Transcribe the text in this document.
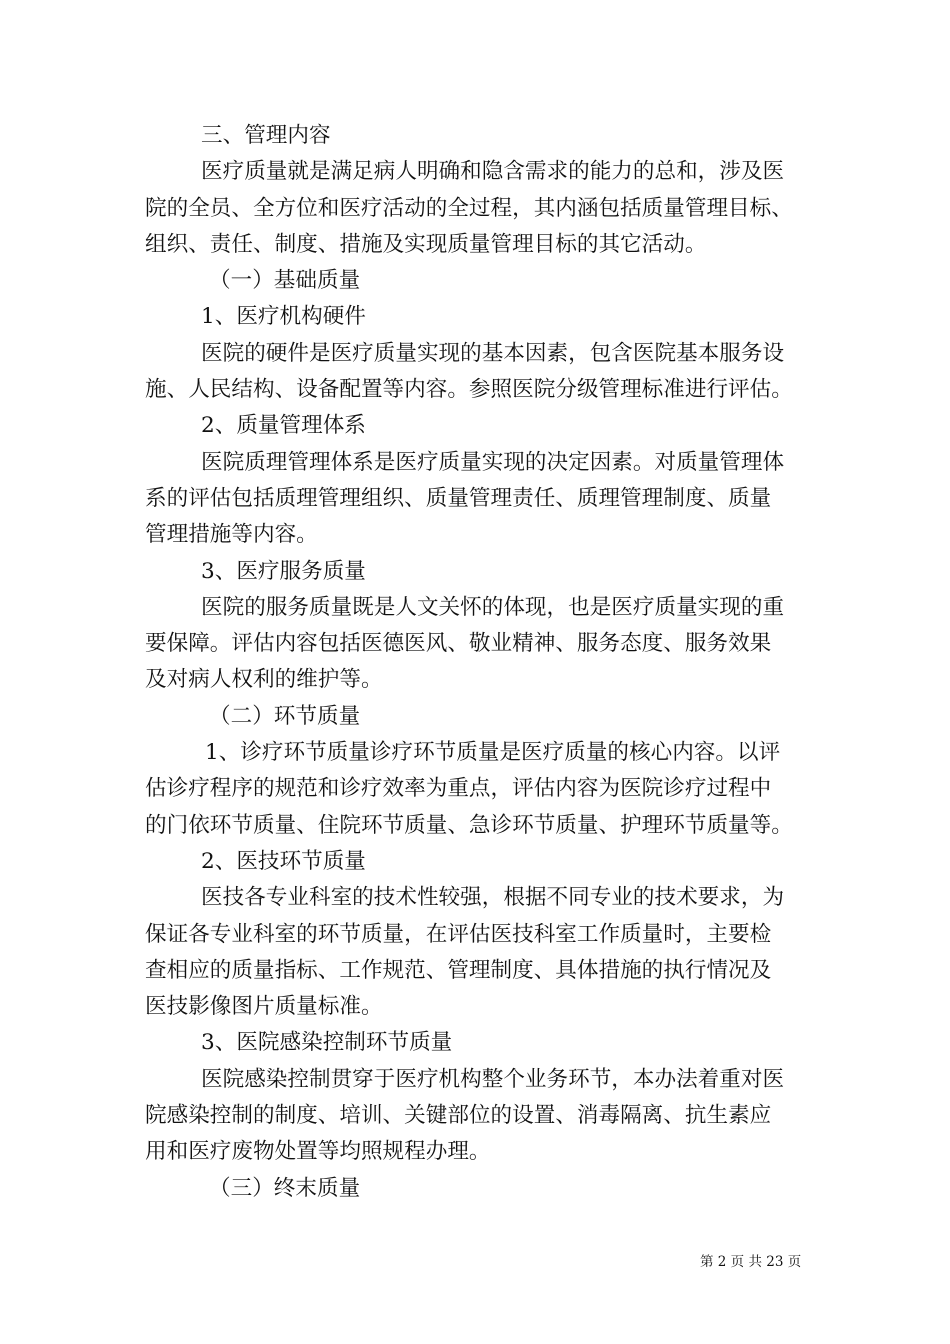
三、管理内容
医疗质量就是满足病人明确和隐含需求的能力的总和，涉及医
院的全员、全方位和医疗活动的全过程，其内涵包括质量管理目标、
组织、责任、制度、措施及实现质量管理目标的其它活动。
（一）基础质量
1、医疗机构硬件
医院的硬件是医疗质量实现的基本因素，包含医院基本服务设
施、人民结构、设备配置等内容。参照医院分级管理标准进行评估。
2、质量管理体系
医院质理管理体系是医疗质量实现的决定因素。对质量管理体
系的评估包括质理管理组织、质量管理责任、质理管理制度、质量
管理措施等内容。
3、医疗服务质量
医院的服务质量既是人文关怀的体现，也是医疗质量实现的重
要保障。评估内容包括医德医风、敬业精神、服务态度、服务效果
及对病人权利的维护等。
（二）环节质量
1、诊疗环节质量诊疗环节质量是医疗质量的核心内容。以评
估诊疗程序的规范和诊疗效率为重点，评估内容为医院诊疗过程中
的门依环节质量、住院环节质量、急诊环节质量、护理环节质量等。
2、医技环节质量
医技各专业科室的技术性较强，根据不同专业的技术要求，为
保证各专业科室的环节质量，在评估医技科室工作质量时，主要检
查相应的质量指标、工作规范、管理制度、具体措施的执行情况及
医技影像图片质量标准。
3、医院感染控制环节质量
医院感染控制贯穿于医疗机构整个业务环节，本办法着重对医
院感染控制的制度、培训、关键部位的设置、消毒隔离、抗生素应
用和医疗废物处置等均照规程办理。
（三）终末质量
第 2 页 共 23 页
